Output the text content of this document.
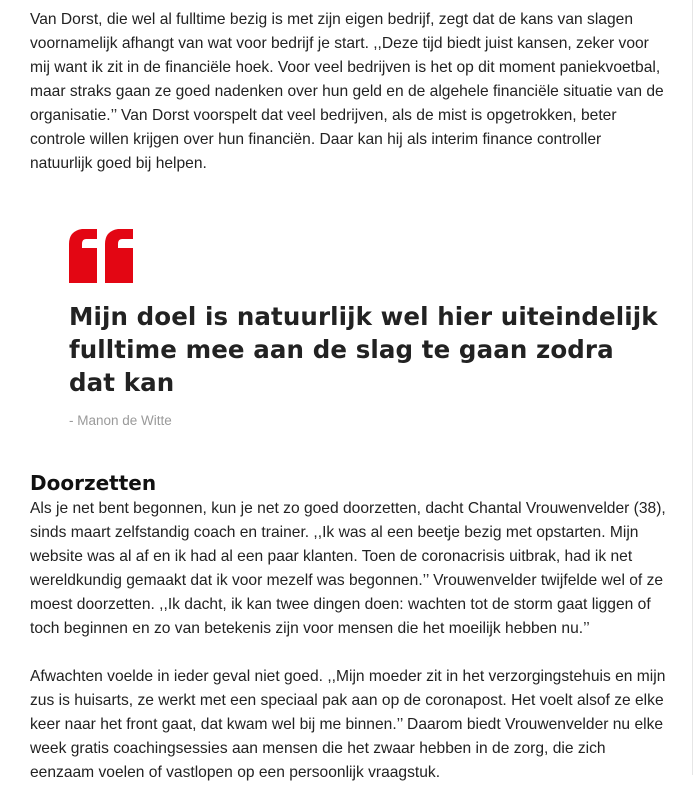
Van Dorst, die wel al fulltime bezig is met zijn eigen bedrijf, zegt dat de kans van slagen voornamelijk afhangt van wat voor bedrijf je start. ,,Deze tijd biedt juist kansen, zeker voor mij want ik zit in de financiële hoek. Voor veel bedrijven is het op dit moment paniekvoetbal, maar straks gaan ze goed nadenken over hun geld en de algehele financiële situatie van de organisatie.’’ Van Dorst voorspelt dat veel bedrijven, als de mist is opgetrokken, beter controle willen krijgen over hun financiën. Daar kan hij als interim finance controller natuurlijk goed bij helpen.

Mijn doel is natuurlijk wel hier uiteindelijk fulltime mee aan de slag te gaan zodra dat kan

- Manon de Witte
Doorzetten

Als je net bent begonnen, kun je net zo goed doorzetten, dacht Chantal Vrouwenvelder (38), sinds maart zelfstandig coach en trainer. ,,Ik was al een beetje bezig met opstarten. Mijn website was al af en ik had al een paar klanten. Toen de coronacrisis uitbrak, had ik net wereldkundig gemaakt dat ik voor mezelf was begonnen.’’ Vrouwenvelder twijfelde wel of ze moest doorzetten. ,,Ik dacht, ik kan twee dingen doen: wachten tot de storm gaat liggen of toch beginnen en zo van betekenis zijn voor mensen die het moeilijk hebben nu.’’

Afwachten voelde in ieder geval niet goed. ,,Mijn moeder zit in het verzorgingstehuis en mijn zus is huisarts, ze werkt met een speciaal pak aan op de coronapost. Het voelt alsof ze elke keer naar het front gaat, dat kwam wel bij me binnen.’’ Daarom biedt Vrouwenvelder nu elke week gratis coachingsessies aan mensen die het zwaar hebben in de zorg, die zich eenzaam voelen of vastlopen op een persoonlijk vraagstuk.
